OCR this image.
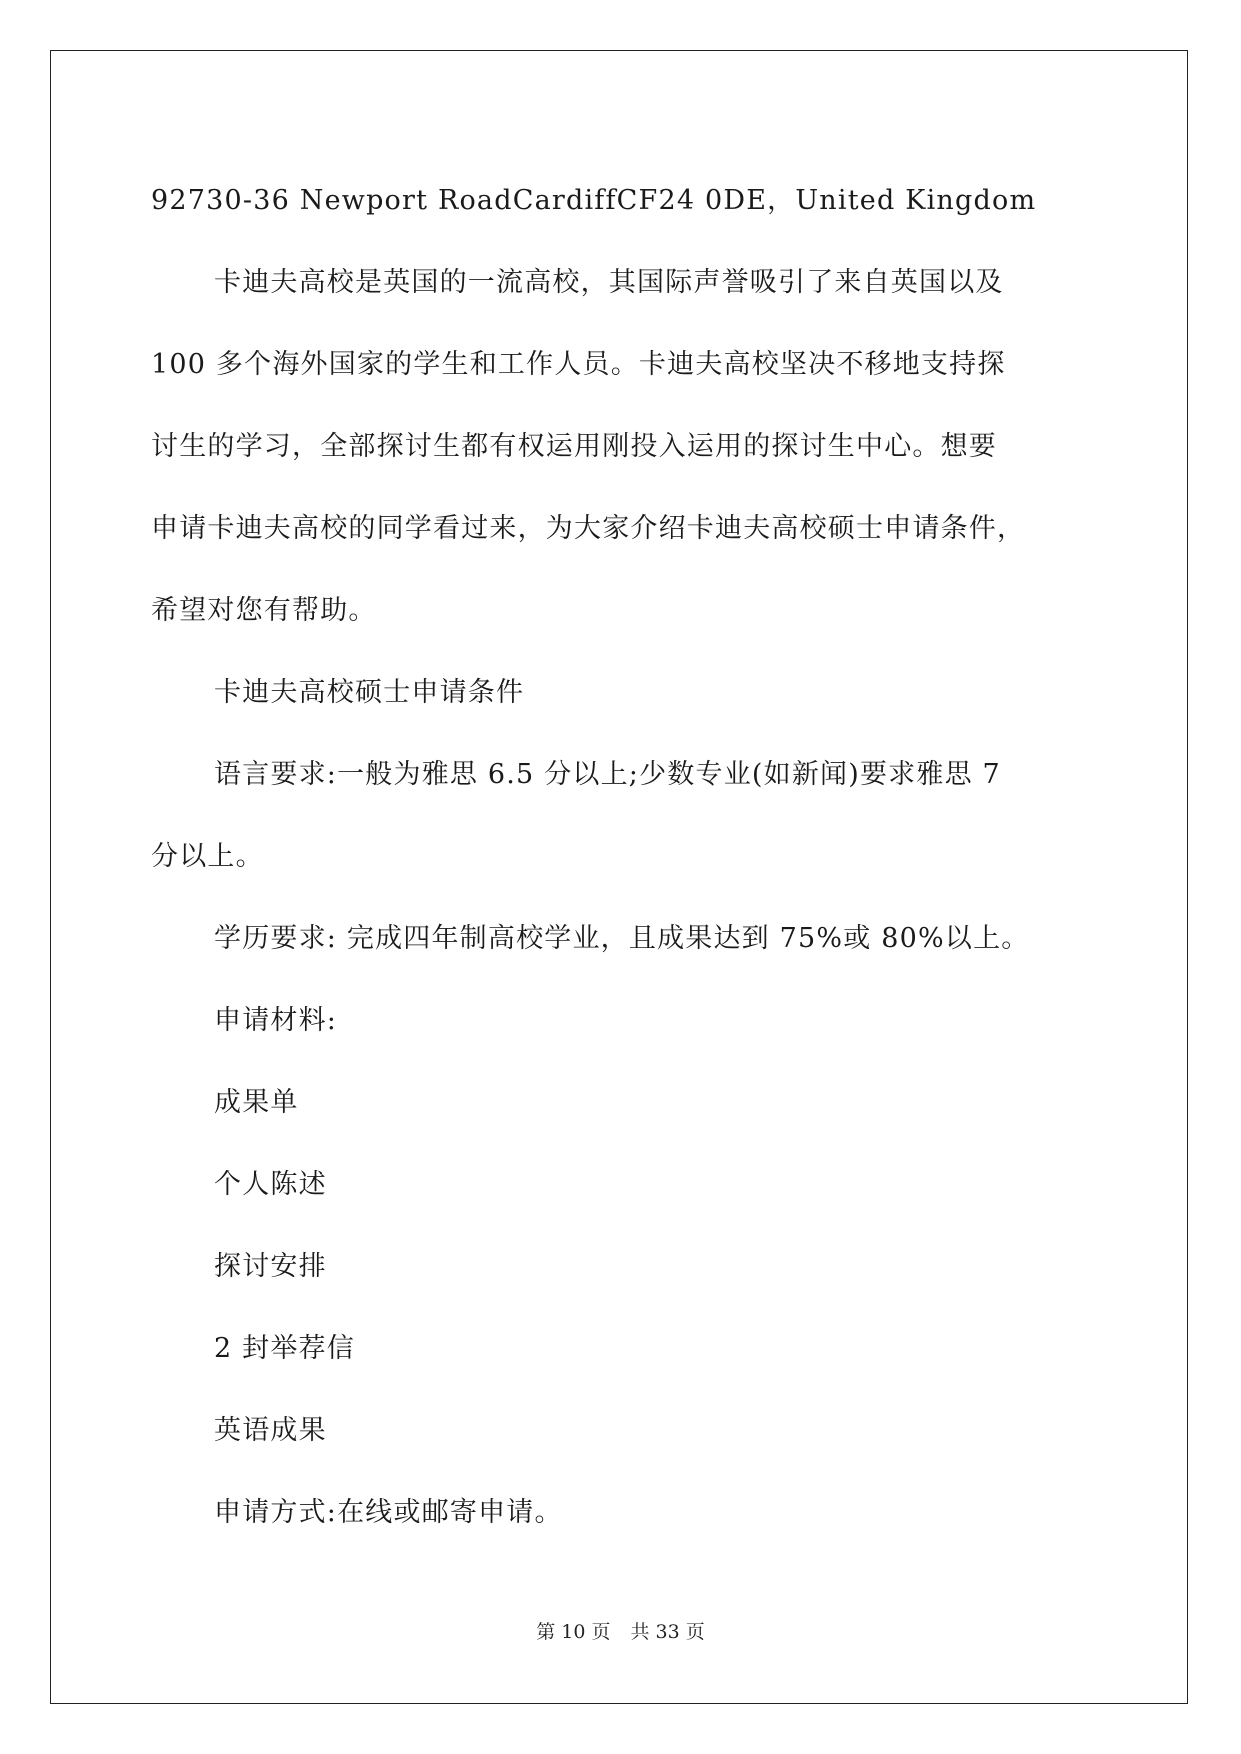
92730-36 Newport RoadCardiffCF24 0DE，United Kingdom
卡迪夫高校是英国的一流高校，其国际声誉吸引了来自英国以及
100 多个海外国家的学生和工作人员。卡迪夫高校坚决不移地支持探
讨生的学习，全部探讨生都有权运用刚投入运用的探讨生中心。想要
申请卡迪夫高校的同学看过来，为大家介绍卡迪夫高校硕士申请条件，
希望对您有帮助。
卡迪夫高校硕士申请条件
语言要求:一般为雅思 6.5 分以上;少数专业(如新闻)要求雅思 7
分以上。
学历要求: 完成四年制高校学业，且成果达到 75%或 80%以上。
申请材料:
成果单
个人陈述
探讨安排
2 封举荐信
英语成果
申请方式:在线或邮寄申请。
第 10 页 共 33 页
